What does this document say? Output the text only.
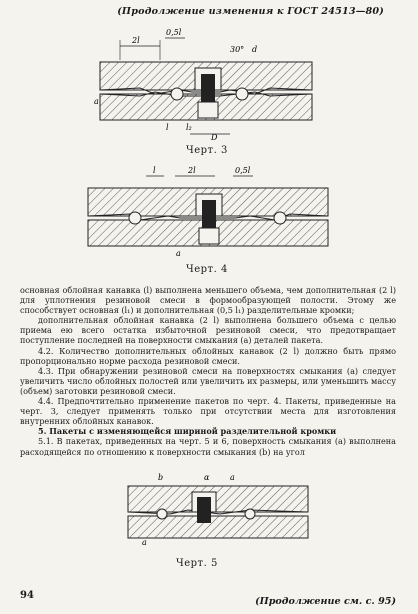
(Продолжение изменения к ГОСТ 24513—80)
2l
0,5l
30° d
a
l l₂
D
Черт. 3
l	2l	0,5l
a
Черт. 4

основная облойная канавка (l) выполнена меньшего объема, чем дополнительная (2 l) для уплотнения резиновой смеси в формообразующей полости. Этому же способствует основная (l₁) и дополнительная (0,5 l₁) разделительные кромки;

дополнительная облойная канавка (2 l) выполнена большего объема с целью приема ею всего остатка избыточной резиновой смеси, что предотвращает поступление последней на поверхности смыкания (а) деталей пакета.

4.2. Количество дополнительных облойных канавок (2 l) должно быть прямо пропорционально норме расхода резиновой смеси.

4.3. При обнаружении резиновой смеси на поверхностях смыкания (а) следует увеличить число облойных полостей или увеличить их размеры, или уменьшить массу (объем) заготовки резиновой смеси.

4.4. Предпочтительно применение пакетов по черт. 4. Пакеты, приведенные на черт. 3, следует применять только при отсутствии места для изготовления внутренних облойных канавок.

5. Пакеты с изменяющейся шириной разделительной кромки

5.1. В пакетах, приведенных на черт. 5 и 6, поверхность смыкания (а) выполнена расходящейся по отношению к поверхности смыкания (b) на угол

b	α	a
a
Черт. 5
94
(Продолжение см. с. 95)
